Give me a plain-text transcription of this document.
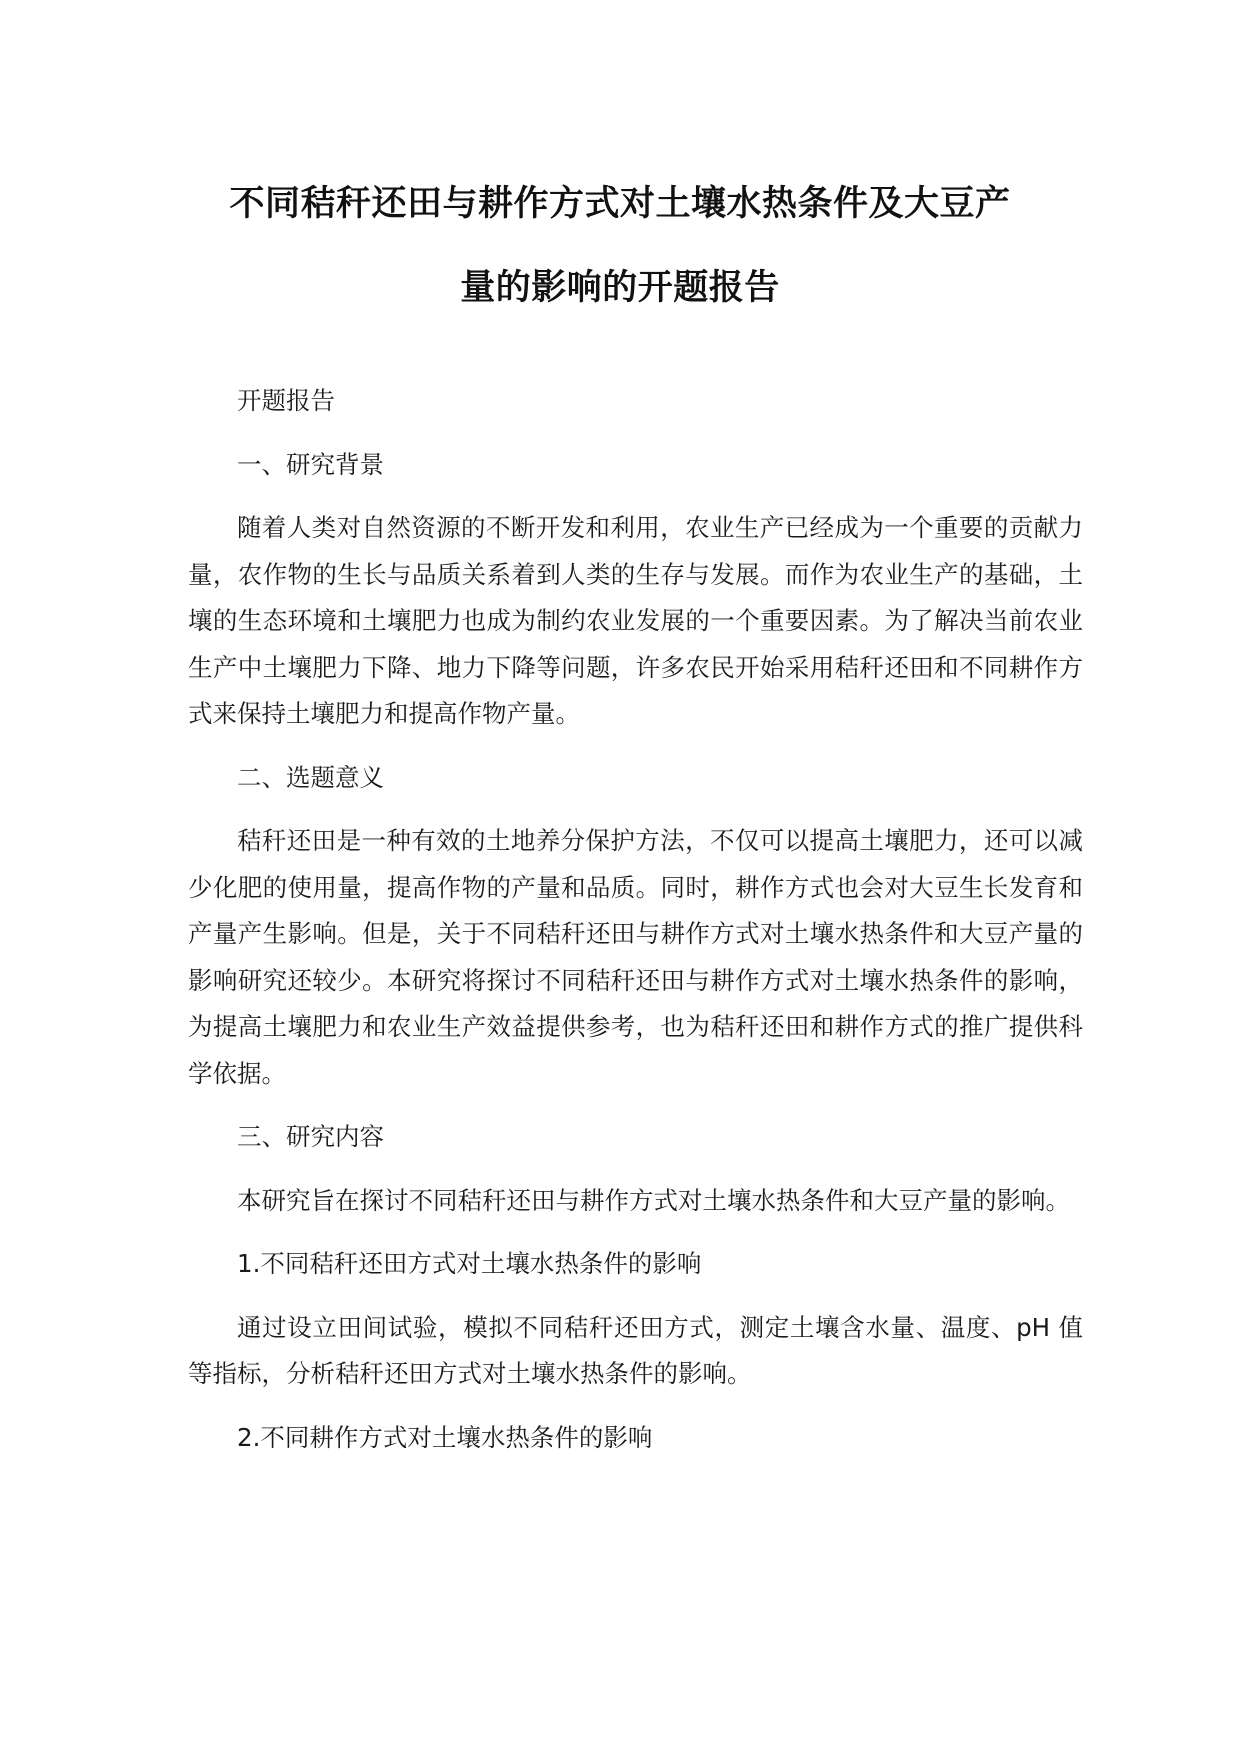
不同秸秆还田与耕作方式对土壤水热条件及大豆产
量的影响的开题报告
开题报告
一、研究背景

随着人类对自然资源的不断开发和利用，农业生产已经成为一个重要的贡献力量，农作物的生长与品质关系着到人类的生存与发展。而作为农业生产的基础，土壤的生态环境和土壤肥力也成为制约农业发展的一个重要因素。为了解决当前农业生产中土壤肥力下降、地力下降等问题，许多农民开始采用秸秆还田和不同耕作方式来保持土壤肥力和提高作物产量。

二、选题意义

秸秆还田是一种有效的土地养分保护方法，不仅可以提高土壤肥力，还可以减少化肥的使用量，提高作物的产量和品质。同时，耕作方式也会对大豆生长发育和产量产生影响。但是，关于不同秸秆还田与耕作方式对土壤水热条件和大豆产量的影响研究还较少。本研究将探讨不同秸秆还田与耕作方式对土壤水热条件的影响，为提高土壤肥力和农业生产效益提供参考，也为秸秆还田和耕作方式的推广提供科学依据。

三、研究内容

本研究旨在探讨不同秸秆还田与耕作方式对土壤水热条件和大豆产量的影响。

1.不同秸秆还田方式对土壤水热条件的影响

通过设立田间试验，模拟不同秸秆还田方式，测定土壤含水量、温度、pH 值等指标，分析秸秆还田方式对土壤水热条件的影响。

2.不同耕作方式对土壤水热条件的影响
